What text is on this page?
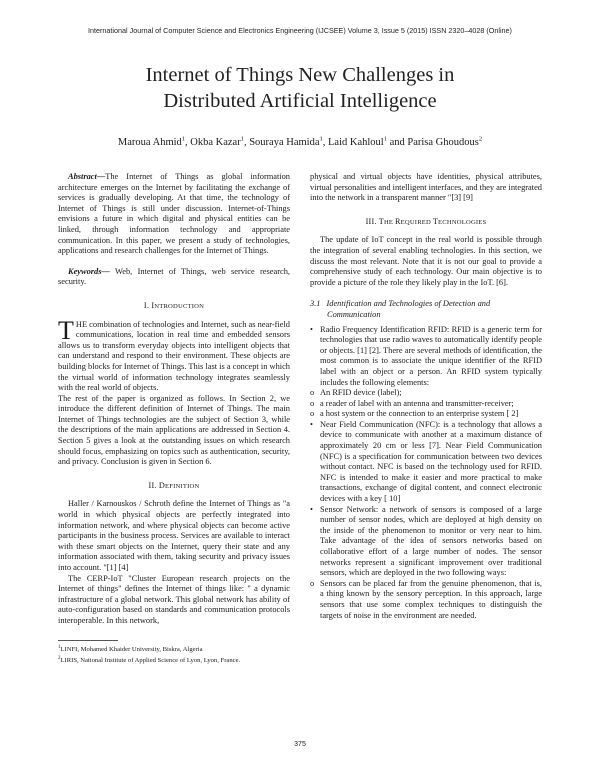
International Journal of Computer Science and Electronics Engineering (IJCSEE) Volume 3, Issue 5 (2015) ISSN 2320–4028 (Online)
Internet of Things New Challenges in
Distributed Artificial Intelligence
Maroua Ahmid$^1$, Okba Kazar$^1$, Souraya Hamida$^1$, Laid Kahloul$^1$ and Parisa Ghoudous$^2$

Abstract—The Internet of Things as global information architecture emerges on the Internet by facilitating the exchange of services is gradually developing. At that time, the technology of Internet of Things is still under discussion. Internet-of-Things envisions a future in which digital and physical entities can be linked, through information technology and appropriate communication. In this paper, we present a study of technologies, applications and research challenges for the Internet of Things.

Keywords— Web, Internet of Things, web service research, security.

I. INTRODUCTION

THE combination of technologies and Internet, such as near-field communications, location in real time and embedded sensors allows us to transform everyday objects into intelligent objects that can understand and respond to their environment. These objects are building blocks for Internet of Things. This last is a concept in which the virtual world of information technology integrates seamlessly with the real world of objects.

The rest of the paper is organized as follows. In Section 2, we introduce the different definition of Internet of Things. The main Internet of Things technologies are the subject of Section 3, while the descriptions of the main applications are addressed in Section 4. Section 5 gives a look at the outstanding issues on which research should focus, emphasizing on topics such as authentication, security, and privacy. Conclusion is given in Section 6.

II. DEFINITION

Haller / Karnouskos / Schroth define the Internet of Things as "a world in which physical objects are perfectly integrated into information network, and where physical objects can become active participants in the business process. Services are available to interact with these smart objects on the Internet, query their state and any information associated with them, taking security and privacy issues into account. "[1] [4]

The CERP-IoT "Cluster European research projects on the Internet of things" defines the Internet of things like: " a dynamic infrastructure of a global network. This global network has ability of auto-configuration based on standards and communication protocols interoperable. In this network,

$^1$LINFI, Mohamed Khaider University, Biskra, Algeria
$^2$LIRIS, National Institute of Applied Science of Lyon, Lyon, France.

physical and virtual objects have identities, physical attributes, virtual personalities and intelligent interfaces, and they are integrated into the network in a transparent manner "[3] [9]

III. THE REQUIRED TECHNOLOGIES

The update of IoT concept in the real world is possible through the integration of several enabling technologies. In this section, we discuss the most relevant. Note that it is not our goal to provide a comprehensive study of each technology. Our main objective is to provide a picture of the role they likely play in the IoT. [6].

3.1 Identification and Technologies of Detection and
Communication

• Radio Frequency Identification RFID: RFID is a generic term for technologies that use radio waves to automatically identify people or objects. [1] [2]. There are several methods of identification, the most common is to associate the unique identifier of the RFID label with an object or a person. An RFID system typically includes the following elements:
o An RFID device (label);
o a reader of label with an antenna and transmitter-receiver;
o a host system or the connection to an enterprise system [ 2]
• Near Field Communication (NFC): is a technology that allows a device to communicate with another at a maximum distance of approximately 20 cm or less [7]. Near Field Communication (NFC) is a specification for communication between two devices without contact. NFC is based on the technology used for RFID. NFC is intended to make it easier and more practical to make transactions, exchange of digital content, and connect electronic devices with a key [ 10]
• Sensor Network: a network of sensors is composed of a large number of sensor nodes, which are deployed at high density on the inside of the phenomenon to monitor or very near to him. Take advantage of the idea of sensors networks based on collaborative effort of a large number of nodes. The sensor networks represent a significant improvement over traditional sensors, which are deployed in the two following ways:
o Sensors can be placed far from the genuine phenomenon, that is, a thing known by the sensory perception. In this approach, large sensors that use some complex techniques to distinguish the targets of noise in the environment are needed.
375
